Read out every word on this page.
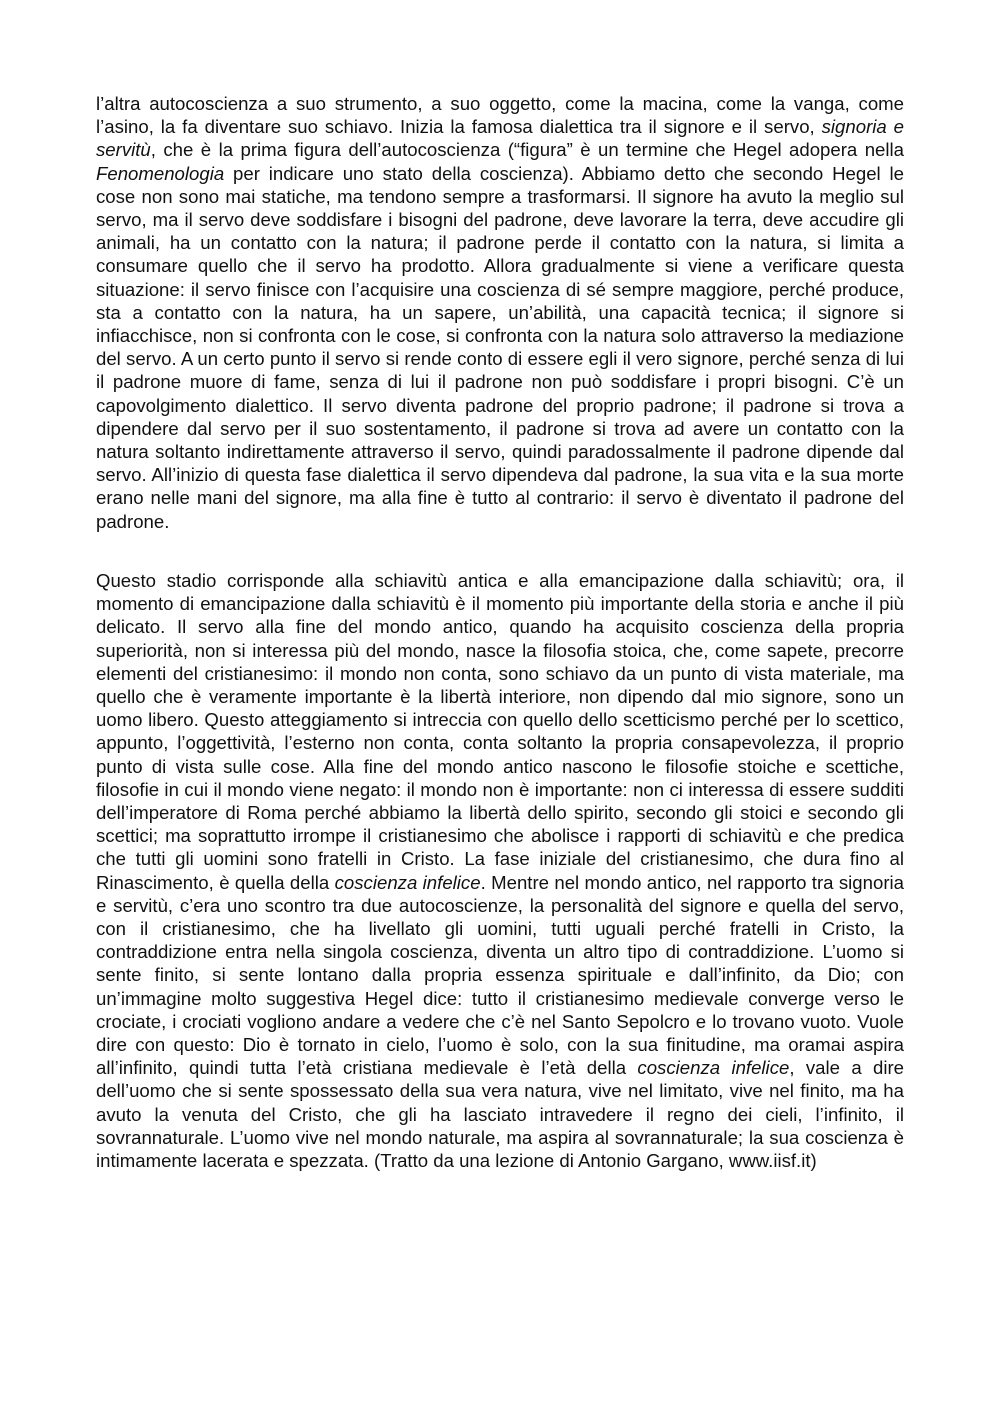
l’altra autocoscienza a suo strumento, a suo oggetto, come la macina, come la vanga, come l’asino, la fa diventare suo schiavo. Inizia la famosa dialettica tra il signore e il servo, signoria e servitù, che è la prima figura dell’autocoscienza (“figura” è un termine che Hegel adopera nella Fenomenologia per indicare uno stato della coscienza). Abbiamo detto che secondo Hegel le cose non sono mai statiche, ma tendono sempre a trasformarsi. Il signore ha avuto la meglio sul servo, ma il servo deve soddisfare i bisogni del padrone, deve lavorare la terra, deve accudire gli animali, ha un contatto con la natura; il padrone perde il contatto con la natura, si limita a consumare quello che il servo ha prodotto. Allora gradualmente si viene a verificare questa situazione: il servo finisce con l’acquisire una coscienza di sé sempre maggiore, perché produce, sta a contatto con la natura, ha un sapere, un’abilità, una capacità tecnica; il signore si infiacchisce, non si confronta con le cose, si confronta con la natura solo attraverso la mediazione del servo. A un certo punto il servo si rende conto di essere egli il vero signore, perché senza di lui il padrone muore di fame, senza di lui il padrone non può soddisfare i propri bisogni. C’è un capovolgimento dialettico. Il servo diventa padrone del proprio padrone; il padrone si trova a dipendere dal servo per il suo sostentamento, il padrone si trova ad avere un contatto con la natura soltanto indirettamente attraverso il servo, quindi paradossalmente il padrone dipende dal servo. All’inizio di questa fase dialettica il servo dipendeva dal padrone, la sua vita e la sua morte erano nelle mani del signore, ma alla fine è tutto al contrario: il servo è diventato il padrone del padrone.

Questo stadio corrisponde alla schiavitù antica e alla emancipazione dalla schiavitù; ora, il momento di emancipazione dalla schiavitù è il momento più importante della storia e anche il più delicato. Il servo alla fine del mondo antico, quando ha acquisito coscienza della propria superiorità, non si interessa più del mondo, nasce la filosofia stoica, che, come sapete, precorre elementi del cristianesimo: il mondo non conta, sono schiavo da un punto di vista materiale, ma quello che è veramente importante è la libertà interiore, non dipendo dal mio signore, sono un uomo libero. Questo atteggiamento si intreccia con quello dello scetticismo perché per lo scettico, appunto, l’oggettività, l’esterno non conta, conta soltanto la propria consapevolezza, il proprio punto di vista sulle cose. Alla fine del mondo antico nascono le filosofie stoiche e scettiche, filosofie in cui il mondo viene negato: il mondo non è importante: non ci interessa di essere sudditi dell’imperatore di Roma perché abbiamo la libertà dello spirito, secondo gli stoici e secondo gli scettici; ma soprattutto irrompe il cristianesimo che abolisce i rapporti di schiavitù e che predica che tutti gli uomini sono fratelli in Cristo. La fase iniziale del cristianesimo, che dura fino al Rinascimento, è quella della coscienza infelice. Mentre nel mondo antico, nel rapporto tra signoria e servitù, c’era uno scontro tra due autocoscienze, la personalità del signore e quella del servo, con il cristianesimo, che ha livellato gli uomini, tutti uguali perché fratelli in Cristo, la contraddizione entra nella singola coscienza, diventa un altro tipo di contraddizione. L’uomo si sente finito, si sente lontano dalla propria essenza spirituale e dall’infinito, da Dio; con un’immagine molto suggestiva Hegel dice: tutto il cristianesimo medievale converge verso le crociate, i crociati vogliono andare a vedere che c’è nel Santo Sepolcro e lo trovano vuoto. Vuole dire con questo: Dio è tornato in cielo, l’uomo è solo, con la sua finitudine, ma oramai aspira all’infinito, quindi tutta l’età cristiana medievale è l’età della coscienza infelice, vale a dire dell’uomo che si sente spossessato della sua vera natura, vive nel limitato, vive nel finito, ma ha avuto la venuta del Cristo, che gli ha lasciato intravedere il regno dei cieli, l’infinito, il sovrannaturale. L’uomo vive nel mondo naturale, ma aspira al sovrannaturale; la sua coscienza è intimamente lacerata e spezzata. (Tratto da una lezione di Antonio Gargano, www.iisf.it)
